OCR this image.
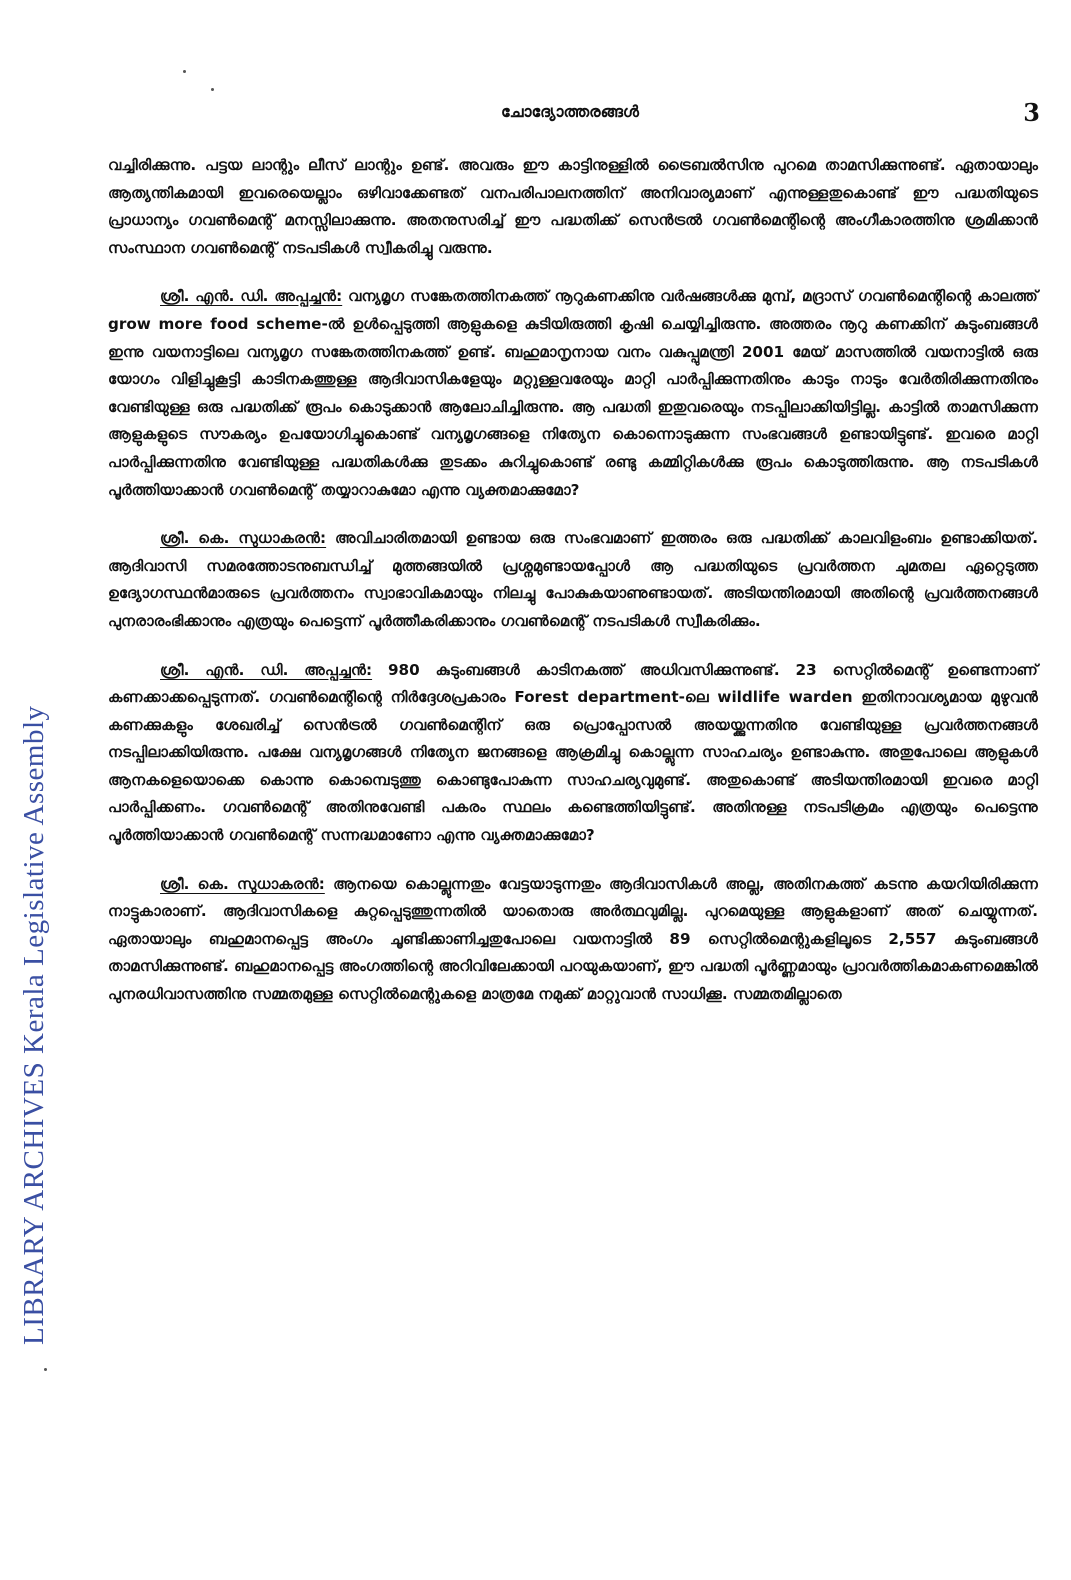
LIBRARY ARCHIVES Kerala Legislative Assembly
ചോദ്യോത്തരങ്ങൾ	3

വച്ചിരിക്കുന്നു. പട്ടയ ലാന്റും ലീസ് ലാന്റും ഉണ്ട്. അവരും ഈ കാട്ടിനുള്ളിൽ ട്രൈബൽസിനു പുറമെ താമസിക്കുന്നുണ്ട്. ഏതായാലും ആത്യന്തികമായി ഇവരെയെല്ലാം ഒഴിവാക്കേണ്ടത് വനപരിപാലനത്തിന് അനിവാര്യമാണ് എന്നുള്ളതുകൊണ്ട് ഈ പദ്ധതിയുടെ പ്രാധാന്യം ഗവൺമെന്റ് മനസ്സിലാക്കുന്നു. അതനുസരിച്ച് ഈ പദ്ധതിക്ക് സെൻട്രൽ ഗവൺമെന്റിന്റെ അംഗീകാരത്തിനു ശ്രമിക്കാൻ സംസ്ഥാന ഗവൺമെന്റ് നടപടികൾ സ്വീകരിച്ചു വരുന്നു.

ശ്രീ. എൻ. ഡി. അപ്പച്ചൻ: വന്യമൃഗ സങ്കേതത്തിനകത്ത് നൂറുകണക്കിനു വർഷങ്ങൾക്കു മുമ്പ്, മദ്രാസ് ഗവൺമെന്റിന്റെ കാലത്ത് grow more food scheme-ൽ ഉൾപ്പെടുത്തി ആളുകളെ കുടിയിരുത്തി കൃഷി ചെയ്യിച്ചിരുന്നു. അത്തരം നൂറു കണക്കിന് കുടുംബങ്ങൾ ഇന്നു വയനാട്ടിലെ വന്യമൃഗ സങ്കേതത്തിനകത്ത് ഉണ്ട്. ബഹുമാനൃനായ വനം വകുപ്പുമന്ത്രി 2001 മേയ് മാസത്തിൽ വയനാട്ടിൽ ഒരു യോഗം വിളിച്ചുകൂട്ടി കാടിനകത്തുള്ള ആദിവാസികളേയും മറ്റുള്ളവരേയും മാറ്റി പാർപ്പിക്കുന്നതിനും കാടും നാടും വേർതിരിക്കുന്നതിനും വേണ്ടിയുള്ള ഒരു പദ്ധതിക്ക് രൂപം കൊടുക്കാൻ ആലോചിച്ചിരുന്നു. ആ പദ്ധതി ഇതുവരെയും നടപ്പിലാക്കിയിട്ടില്ല. കാട്ടിൽ താമസിക്കുന്ന ആളുകളുടെ സൗകര്യം ഉപയോഗിച്ചുകൊണ്ട് വന്യമൃഗങ്ങളെ നിത്യേന കൊന്നൊടുക്കുന്ന സംഭവങ്ങൾ ഉണ്ടായിട്ടുണ്ട്. ഇവരെ മാറ്റി പാർപ്പിക്കുന്നതിനു വേണ്ടിയുള്ള പദ്ധതികൾക്കു തുടക്കം കുറിച്ചുകൊണ്ട് രണ്ടു കമ്മിറ്റികൾക്കു രൂപം കൊടുത്തിരുന്നു. ആ നടപടികൾ പൂർത്തിയാക്കാൻ ഗവൺമെന്റ് തയ്യാറാകുമോ എന്നു വ്യക്തമാക്കുമോ?

ശ്രീ. കെ. സുധാകരൻ: അവിചാരിതമായി ഉണ്ടായ ഒരു സംഭവമാണ് ഇത്തരം ഒരു പദ്ധതിക്ക് കാലവിളംബം ഉണ്ടാക്കിയത്. ആദിവാസി സമരത്തോടനുബന്ധിച്ച് മുത്തങ്ങയിൽ പ്രശ്നമുണ്ടായപ്പോൾ ആ പദ്ധതിയുടെ പ്രവർത്തന ചുമതല ഏറ്റെടുത്ത ഉദ്യോഗസ്ഥൻമാരുടെ പ്രവർത്തനം സ്വാഭാവികമായും നിലച്ചു പോകുകയാണുണ്ടായത്. അടിയന്തിരമായി അതിന്റെ പ്രവർത്തനങ്ങൾ പുനരാരംഭിക്കാനും എത്രയും പെട്ടെന്ന് പൂർത്തീകരിക്കാനും ഗവൺമെന്റ് നടപടികൾ സ്വീകരിക്കും.

ശ്രീ. എൻ. ഡി. അപ്പച്ചൻ: 980 കുടുംബങ്ങൾ കാടിനകത്ത് അധിവസിക്കുന്നുണ്ട്. 23 സെറ്റിൽമെന്റ് ഉണ്ടെന്നാണ് കണക്കാക്കപ്പെടുന്നത്. ഗവൺമെന്റിന്റെ നിർദ്ദേശപ്രകാരം Forest department-ലെ wildlife warden ഇതിനാവശ്യമായ മുഴുവൻ കണക്കുകളും ശേഖരിച്ച് സെൻട്രൽ ഗവൺമെന്റിന് ഒരു പ്രൊപ്പോസൽ അയയ്ക്കുന്നതിനു വേണ്ടിയുള്ള പ്രവർത്തനങ്ങൾ നടപ്പിലാക്കിയിരുന്നു. പക്ഷേ വന്യമൃഗങ്ങൾ നിത്യേന ജനങ്ങളെ ആക്രമിച്ചു കൊല്ലുന്ന സാഹചര്യം ഉണ്ടാകുന്നു. അതുപോലെ ആളുകൾ ആനകളെയൊക്കെ കൊന്നു കൊമ്പെടുത്തു കൊണ്ടുപോകുന്ന സാഹചര്യവുമുണ്ട്. അതുകൊണ്ട് അടിയന്തിരമായി ഇവരെ മാറ്റി പാർപ്പിക്കണം. ഗവൺമെന്റ് അതിനുവേണ്ടി പകരം സ്ഥലം കണ്ടെത്തിയിട്ടുണ്ട്. അതിനുള്ള നടപടിക്രമം എത്രയും പെട്ടെന്നു പൂർത്തിയാക്കാൻ ഗവൺമെന്റ് സന്നദ്ധമാണോ എന്നു വ്യക്തമാക്കുമോ?

ശ്രീ. കെ. സുധാകരൻ: ആനയെ കൊല്ലുന്നതും വേട്ടയാടുന്നതും ആദിവാസികൾ അല്ല, അതിനകത്ത് കടന്നു കയറിയിരിക്കുന്ന നാട്ടുകാരാണ്. ആദിവാസികളെ കുറ്റപ്പെടുത്തുന്നതിൽ യാതൊരു അർത്ഥവുമില്ല. പുറമെയുള്ള ആളുകളാണ് അത് ചെയ്യുന്നത്. ഏതായാലും ബഹുമാനപ്പെട്ട അംഗം ചൂണ്ടിക്കാണിച്ചതുപോലെ വയനാട്ടിൽ 89 സെറ്റിൽമെന്റുകളിലൂടെ 2,557 കുടുംബങ്ങൾ താമസിക്കുന്നുണ്ട്. ബഹുമാനപ്പെട്ട അംഗത്തിന്റെ അറിവിലേക്കായി പറയുകയാണ്, ഈ പദ്ധതി പൂർണ്ണമായും പ്രാവർത്തികമാകണമെങ്കിൽ പുനരധിവാസത്തിനു സമ്മതമുള്ള സെറ്റിൽമെന്റുകളെ മാത്രമേ നമുക്ക് മാറ്റുവാൻ സാധിക്കൂ. സമ്മതമില്ലാതെ
